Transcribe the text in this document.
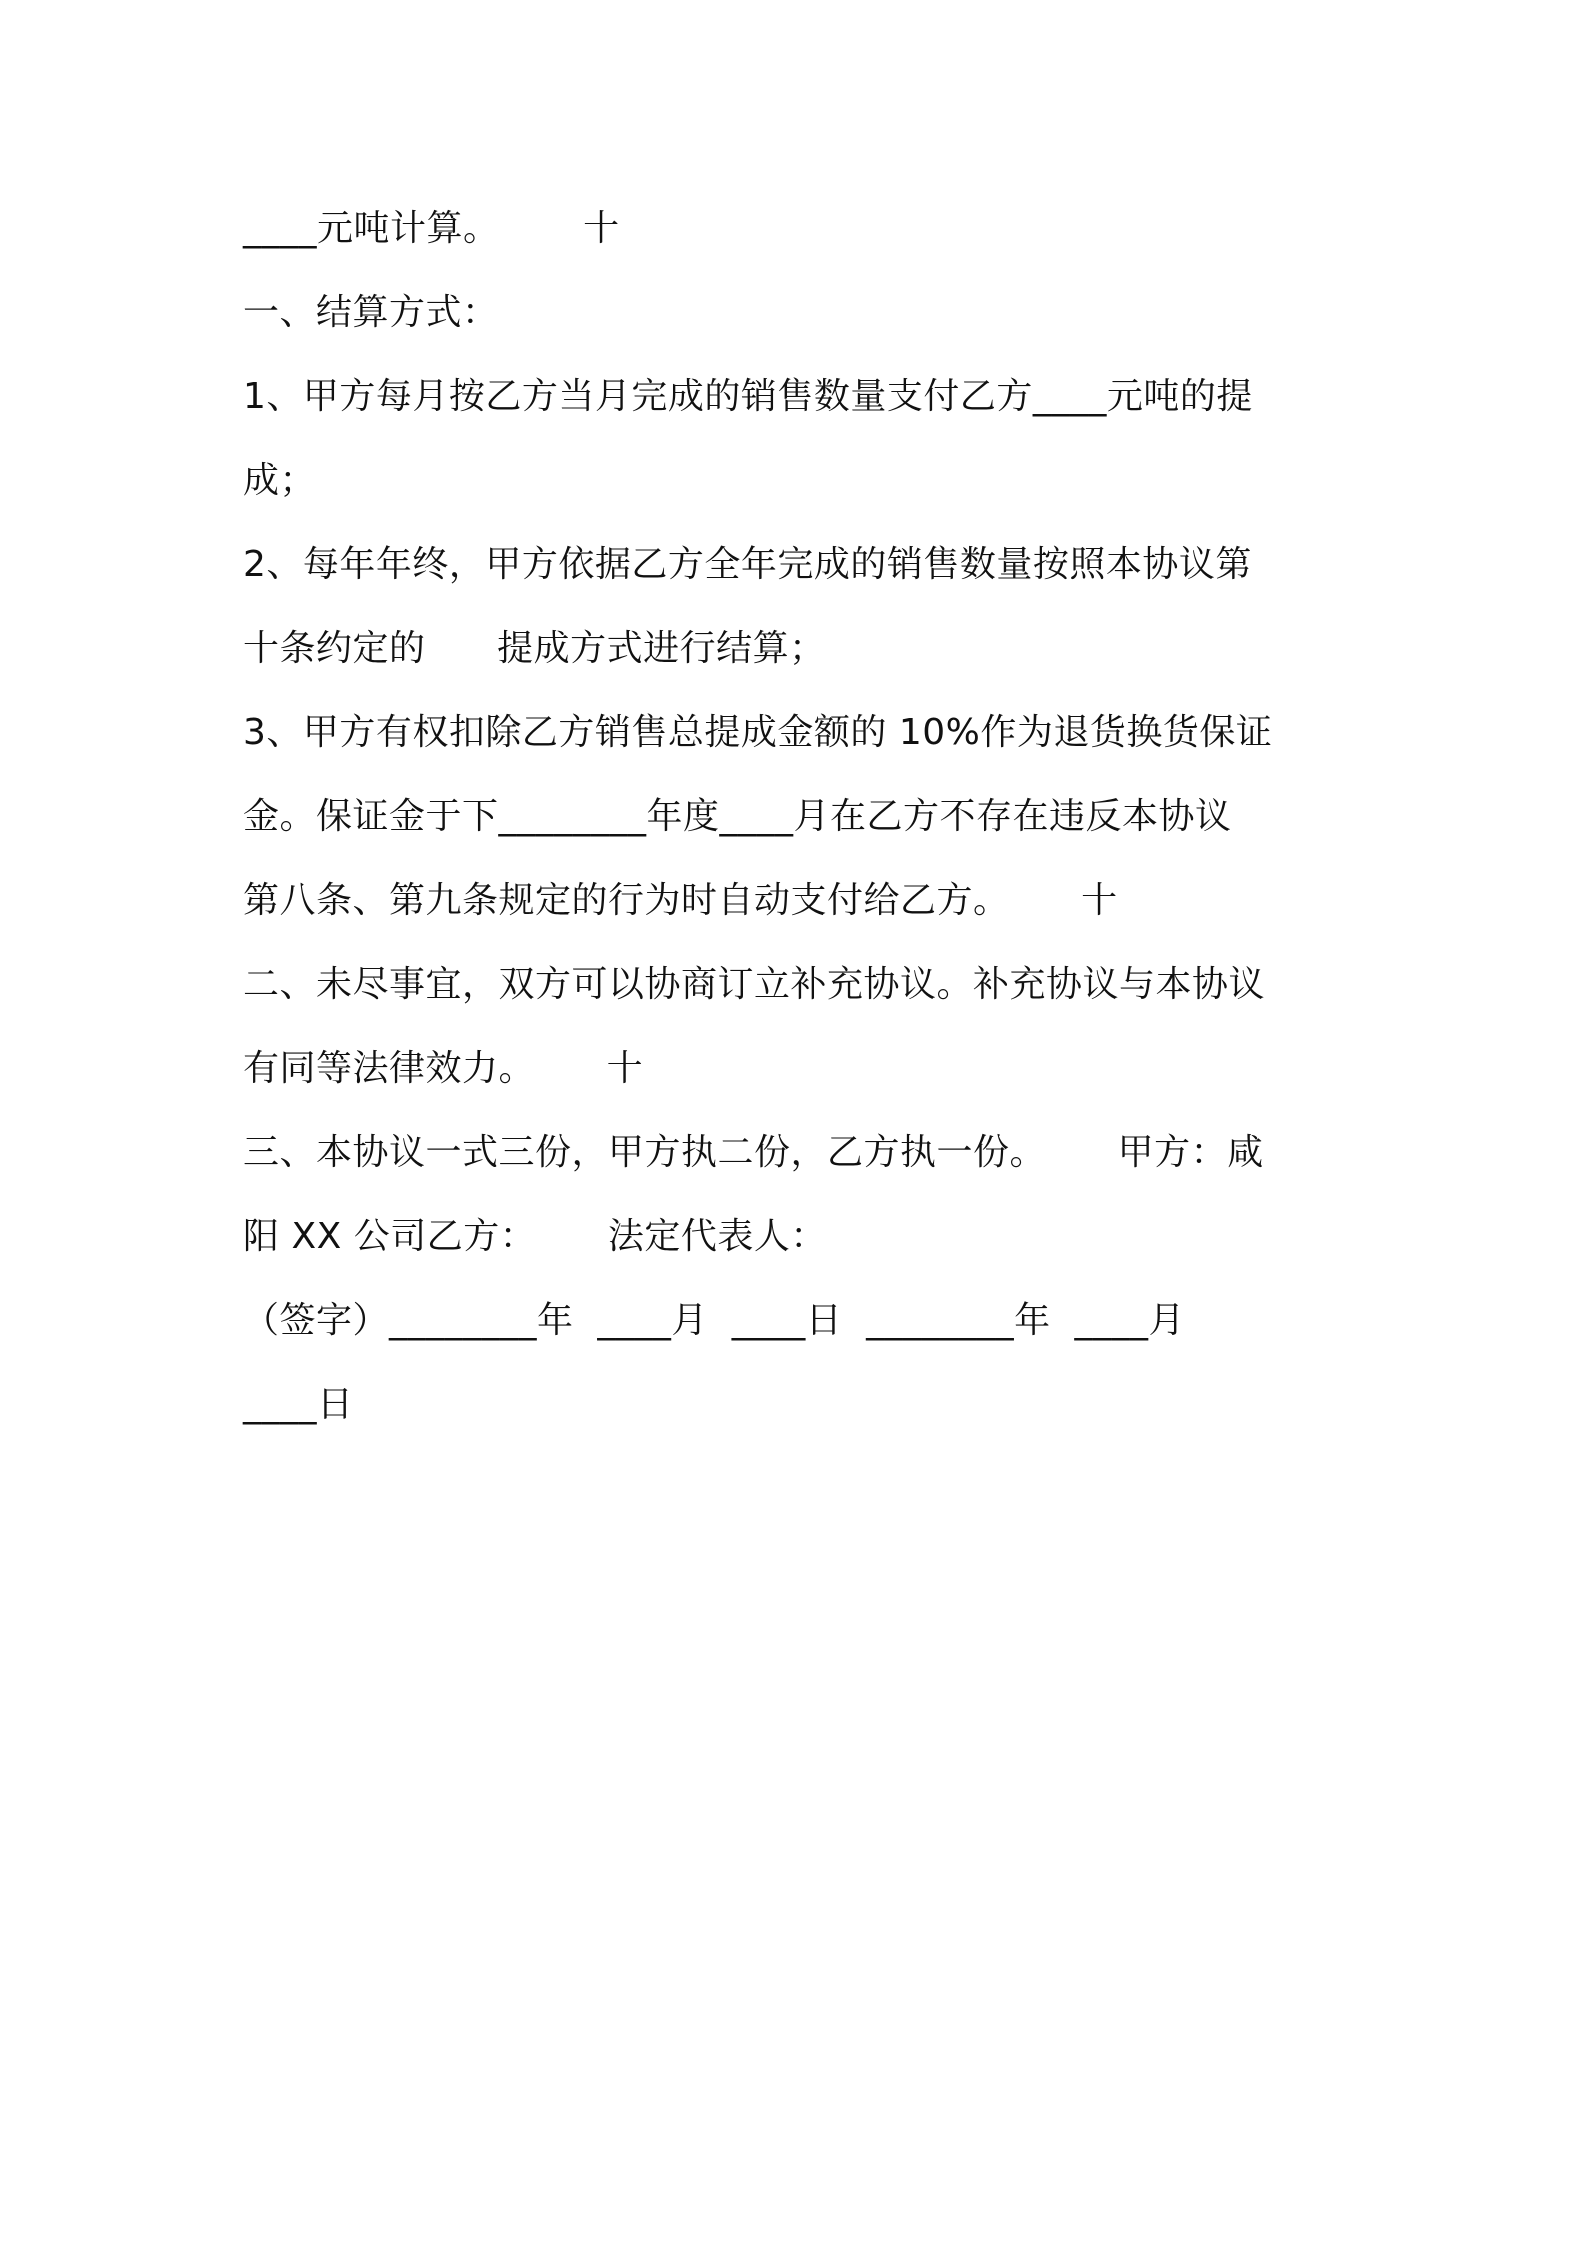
____元吨计算。       十
一、结算方式：
1、甲方每月按乙方当月完成的销售数量支付乙方____元吨的提
成；
2、每年年终，甲方依据乙方全年完成的销售数量按照本协议第
十条约定的      提成方式进行结算；
3、甲方有权扣除乙方销售总提成金额的 10%作为退货换货保证
金。保证金于下________年度____月在乙方不存在违反本协议
第八条、第九条规定的行为时自动支付给乙方。      十
二、未尽事宜，双方可以协商订立补充协议。补充协议与本协议
有同等法律效力。      十
三、本协议一式三份，甲方执二份，乙方执一份。      甲方：咸
阳 XX 公司乙方：      法定代表人：
（签字）________年  ____月  ____日  ________年  ____月
____日
